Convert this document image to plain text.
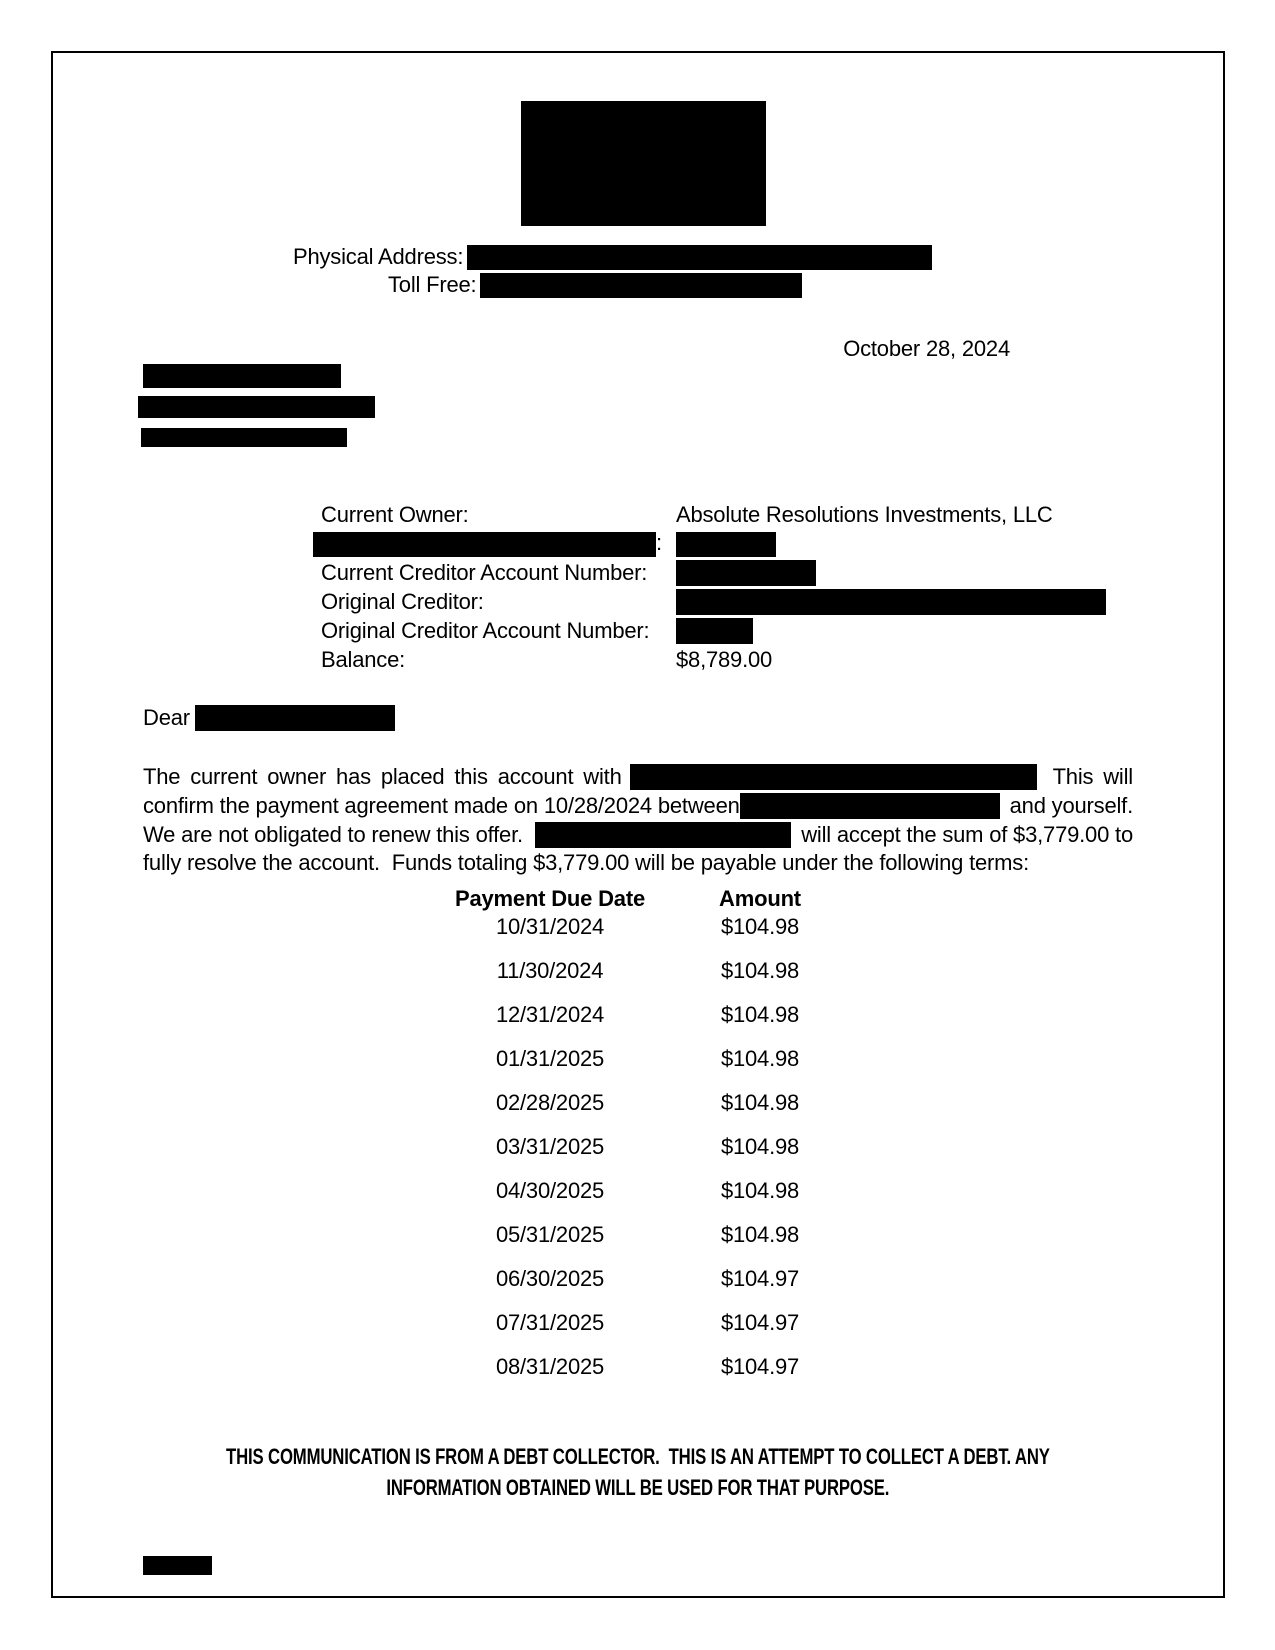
Physical Address:
Toll Free:
October 28, 2024
Current Owner:	Absolute Resolutions Investments, LLC
:
Current Creditor Account Number:
Original Creditor:
Original Creditor Account Number:
Balance:	$8,789.00
Dear
The current owner has placed this account with	This will
confirm the payment agreement made on 10/28/2024 between	and yourself.
We are not obligated to renew this offer.	will accept the sum of $3,779.00 to
fully resolve the account.  Funds totaling $3,779.00 will be payable under the following terms:
Payment Due Date	Amount
10/31/2024	$104.98
11/30/2024	$104.98
12/31/2024	$104.98
01/31/2025	$104.98
02/28/2025	$104.98
03/31/2025	$104.98
04/30/2025	$104.98
05/31/2025	$104.98
06/30/2025	$104.97
07/31/2025	$104.97
08/31/2025	$104.97
THIS COMMUNICATION IS FROM A DEBT COLLECTOR.  THIS IS AN ATTEMPT TO COLLECT A DEBT. ANY
INFORMATION OBTAINED WILL BE USED FOR THAT PURPOSE.
